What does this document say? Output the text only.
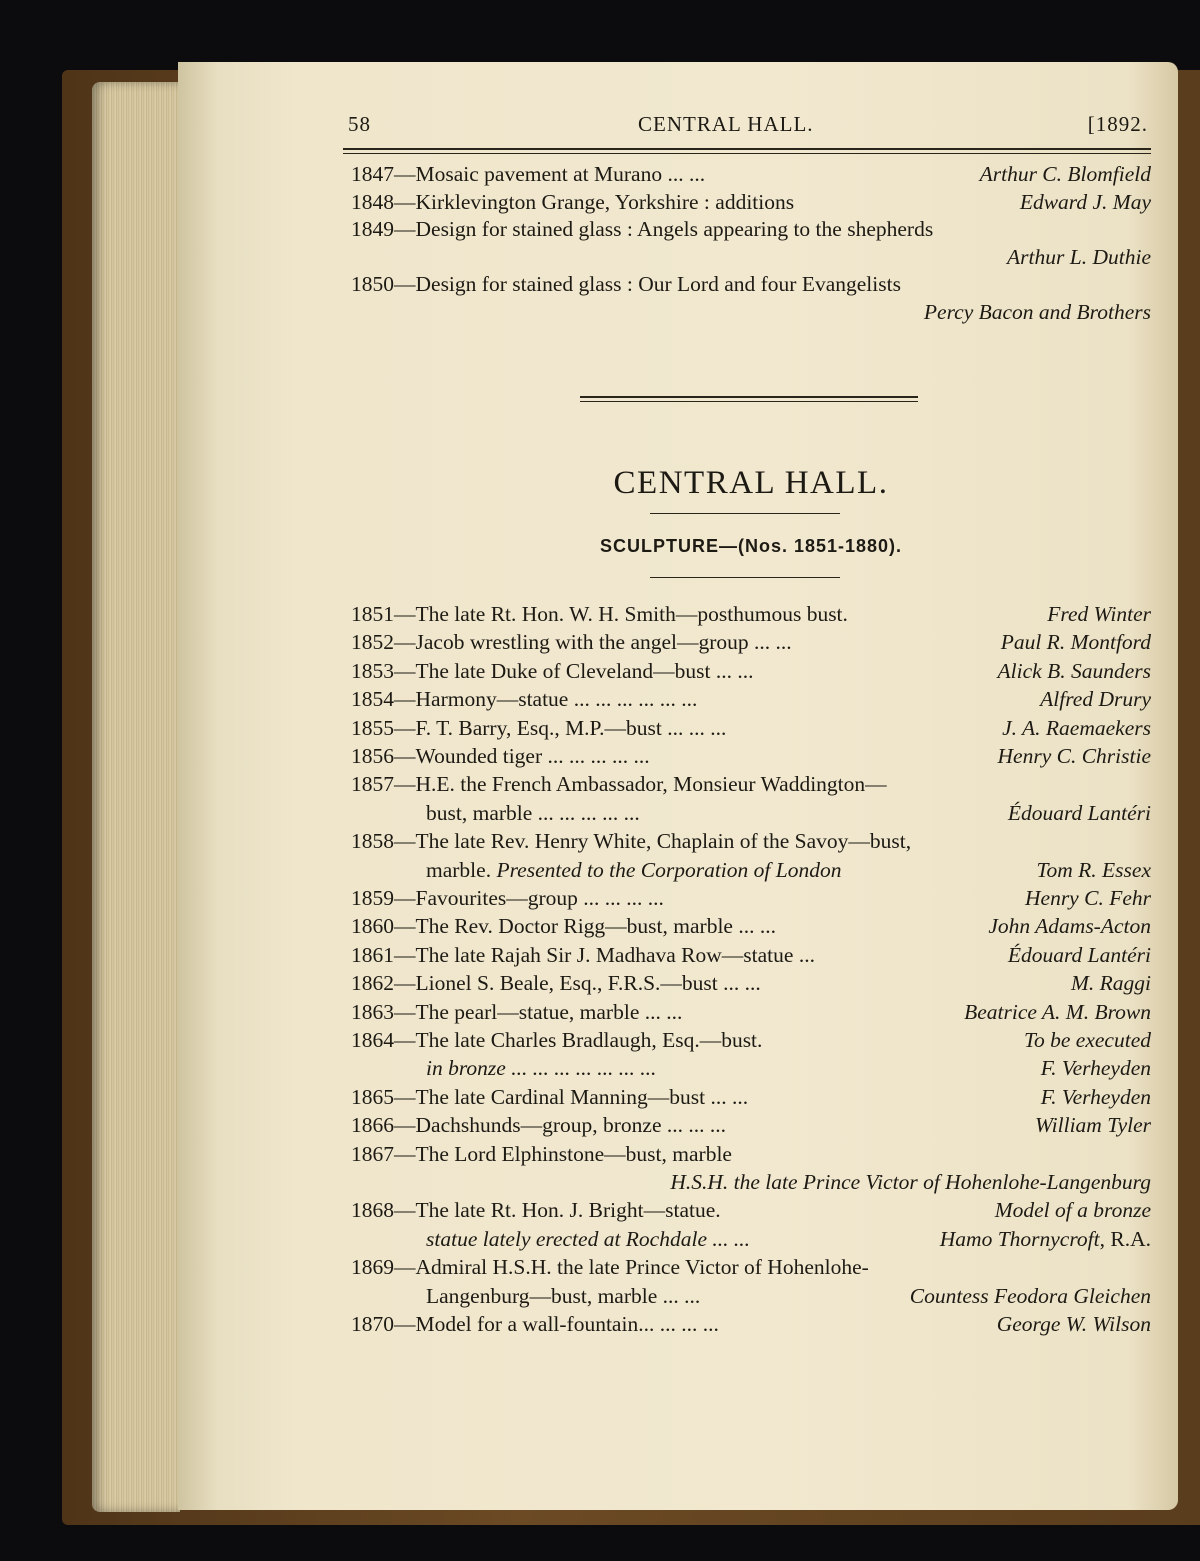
58	CENTRAL HALL.	[1892.
1847—Mosaic pavement at Murano ... ...	Arthur C. Blomfield
1848—Kirklevington Grange, Yorkshire : additions	Edward J. May
1849—Design for stained glass : Angels appearing to the shepherds
Arthur L. Duthie
1850—Design for stained glass : Our Lord and four Evangelists
Percy Bacon and Brothers
CENTRAL HALL.
SCULPTURE—(Nos. 1851-1880).
1851—The late Rt. Hon. W. H. Smith—posthumous bust.	Fred Winter
1852—Jacob wrestling with the angel—group ... ...	Paul R. Montford
1853—The late Duke of Cleveland—bust ... ...	Alick B. Saunders
1854—Harmony—statue ... ... ... ... ... ...	Alfred Drury
1855—F. T. Barry, Esq., M.P.—bust ... ... ...	J. A. Raemaekers
1856—Wounded tiger ... ... ... ... ...	Henry C. Christie
1857—H.E. the French Ambassador, Monsieur Waddington—
bust, marble ... ... ... ... ...	Édouard Lantéri
1858—The late Rev. Henry White, Chaplain of the Savoy—bust,
marble. Presented to the Corporation of London	Tom R. Essex
1859—Favourites—group ... ... ... ...	Henry C. Fehr
1860—The Rev. Doctor Rigg—bust, marble ... ...	John Adams-Acton
1861—The late Rajah Sir J. Madhava Row—statue ...	Édouard Lantéri
1862—Lionel S. Beale, Esq., F.R.S.—bust ... ...	M. Raggi
1863—The pearl—statue, marble ... ...	Beatrice A. M. Brown
1864—The late Charles Bradlaugh, Esq.—bust.	To be executed
in bronze ... ... ... ... ... ... ...	F. Verheyden
1865—The late Cardinal Manning—bust ... ...	F. Verheyden
1866—Dachshunds—group, bronze ... ... ...	William Tyler
1867—The Lord Elphinstone—bust, marble
H.S.H. the late Prince Victor of Hohenlohe-Langenburg
1868—The late Rt. Hon. J. Bright—statue.	Model of a bronze
statue lately erected at Rochdale ... ...	Hamo Thornycroft, R.A.
1869—Admiral H.S.H. the late Prince Victor of Hohenlohe-
Langenburg—bust, marble ... ...	Countess Feodora Gleichen
1870—Model for a wall-fountain... ... ... ...	George W. Wilson
